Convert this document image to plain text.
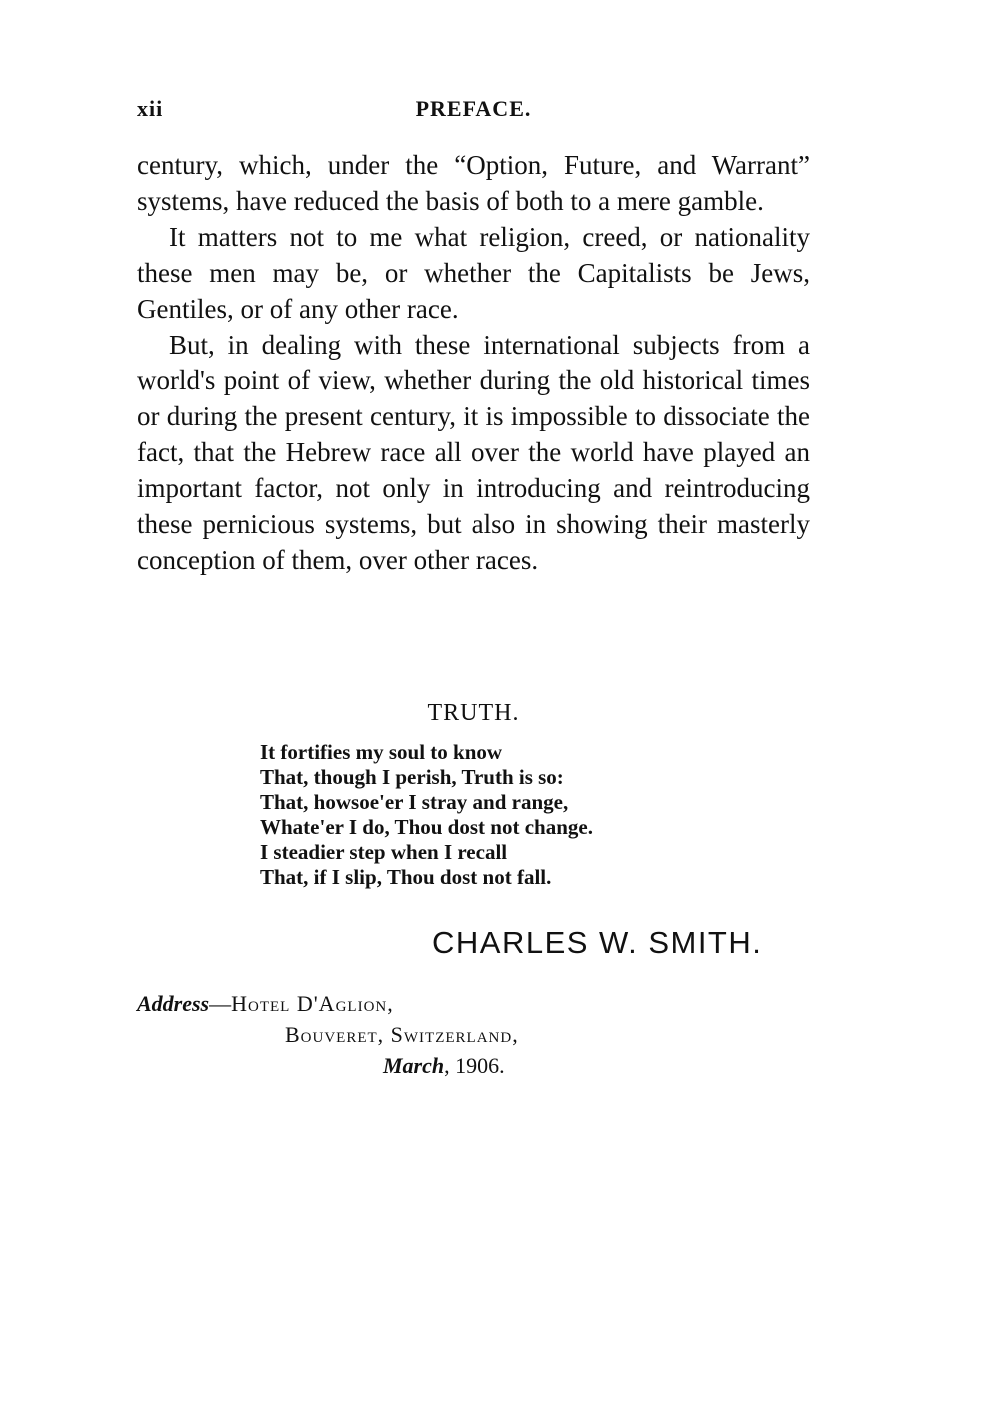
xii	PREFACE.

century, which, under the “Option, Future, and Warrant” systems, have reduced the basis of both to a mere gamble.

It matters not to me what religion, creed, or nationality these men may be, or whether the Capitalists be Jews, Gentiles, or of any other race.

But, in dealing with these international subjects from a world's point of view, whether during the old historical times or during the present century, it is impossible to dissociate the fact, that the Hebrew race all over the world have played an important factor, not only in introducing and reintroducing these pernicious systems, but also in showing their masterly conception of them, over other races.

TRUTH.
It fortifies my soul to know
That, though I perish, Truth is so:
That, howsoe'er I stray and range,
Whate'er I do, Thou dost not change.
I steadier step when I recall
That, if I slip, Thou dost not fall.
CHARLES W. SMITH.
Address—Hotel D'Aglion,
Bouveret, Switzerland,
March, 1906.
